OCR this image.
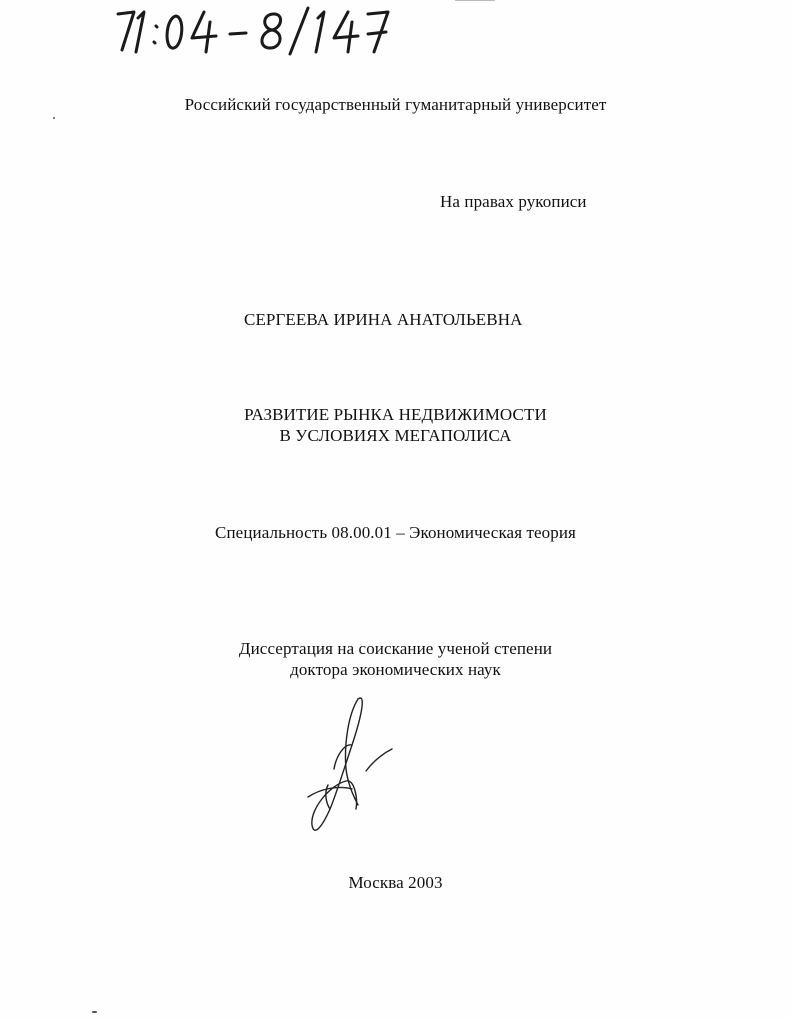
Российский государственный гуманитарный университет
На правах рукописи
СЕРГЕЕВА ИРИНА АНАТОЛЬЕВНА
РАЗВИТИЕ РЫНКА НЕДВИЖИМОСТИ
В УСЛОВИЯХ МЕГАПОЛИСА
Специальность 08.00.01 – Экономическая теория
Диссертация на соискание ученой степени
доктора экономических наук
Москва 2003
